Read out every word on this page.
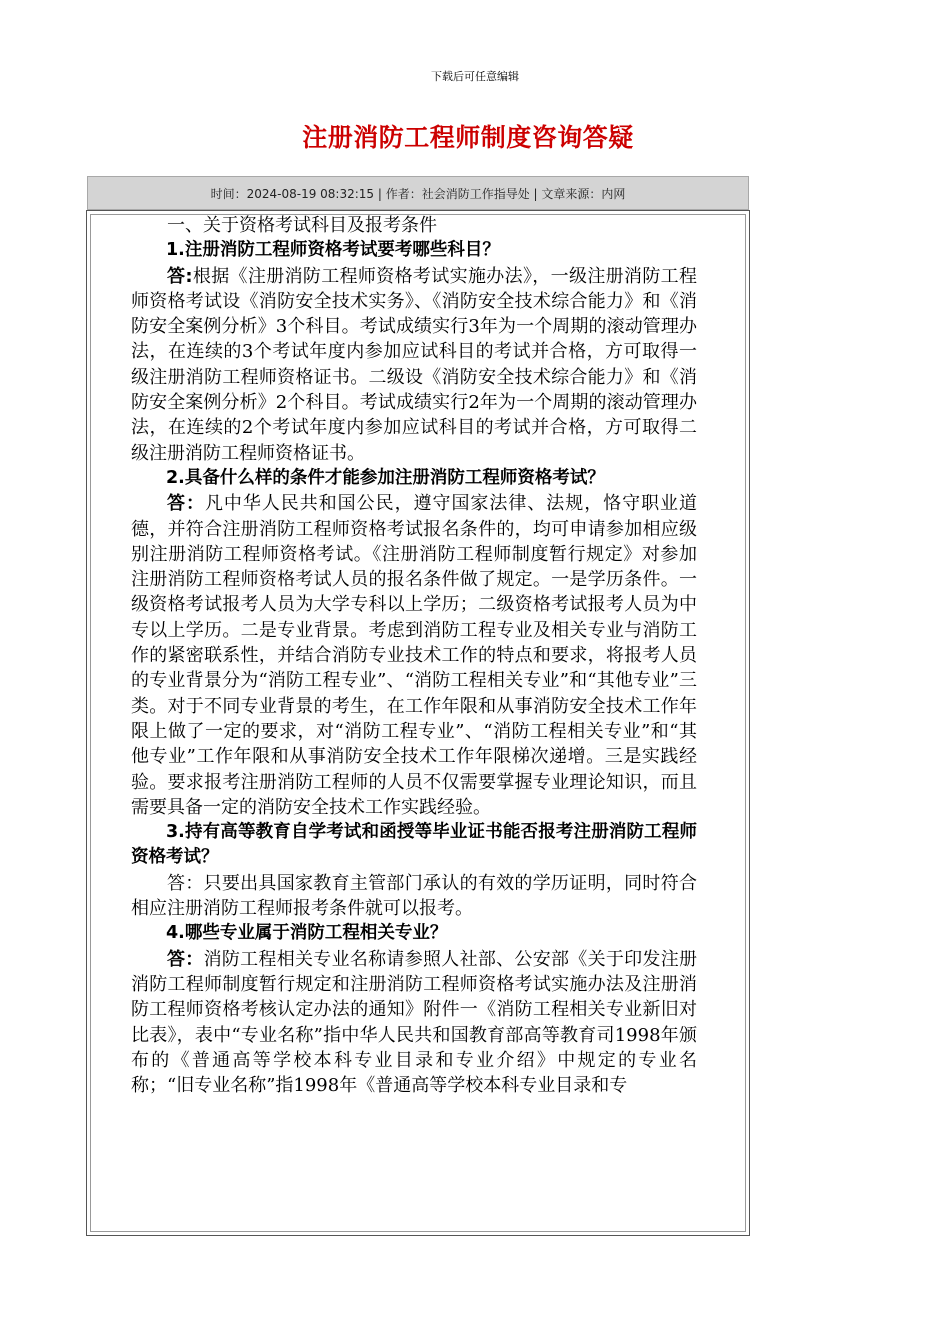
下载后可任意编辑
注册消防工程师制度咨询答疑
时间：2024-08-19 08:32:15 | 作者：社会消防工作指导处 | 文章来源：内网

一、关于资格考试科目及报考条件

1.注册消防工程师资格考试要考哪些科目？

答:根据《注册消防工程师资格考试实施办法》，一级注册消防工程师资格考试设《消防安全技术实务》、《消防安全技术综合能力》和《消防安全案例分析》3个科目。考试成绩实行3年为一个周期的滚动管理办法，在连续的3个考试年度内参加应试科目的考试并合格，方可取得一级注册消防工程师资格证书。二级设《消防安全技术综合能力》和《消防安全案例分析》2个科目。考试成绩实行2年为一个周期的滚动管理办法，在连续的2个考试年度内参加应试科目的考试并合格，方可取得二级注册消防工程师资格证书。

2.具备什么样的条件才能参加注册消防工程师资格考试？

答：凡中华人民共和国公民，遵守国家法律、法规，恪守职业道德，并符合注册消防工程师资格考试报名条件的，均可申请参加相应级别注册消防工程师资格考试。《注册消防工程师制度暂行规定》对参加注册消防工程师资格考试人员的报名条件做了规定。一是学历条件。一级资格考试报考人员为大学专科以上学历；二级资格考试报考人员为中专以上学历。二是专业背景。考虑到消防工程专业及相关专业与消防工作的紧密联系性，并结合消防专业技术工作的特点和要求，将报考人员的专业背景分为“消防工程专业”、“消防工程相关专业”和“其他专业”三类。对于不同专业背景的考生，在工作年限和从事消防安全技术工作年限上做了一定的要求，对“消防工程专业”、“消防工程相关专业”和“其他专业”工作年限和从事消防安全技术工作年限梯次递增。三是实践经验。要求报考注册消防工程师的人员不仅需要掌握专业理论知识，而且需要具备一定的消防安全技术工作实践经验。

3.持有高等教育自学考试和函授等毕业证书能否报考注册消防工程师资格考试？

答：只要出具国家教育主管部门承认的有效的学历证明，同时符合相应注册消防工程师报考条件就可以报考。

4.哪些专业属于消防工程相关专业？

答：消防工程相关专业名称请参照人社部、公安部《关于印发注册消防工程师制度暂行规定和注册消防工程师资格考试实施办法及注册消防工程师资格考核认定办法的通知》附件一《消防工程相关专业新旧对比表》，表中“专业名称”指中华人民共和国教育部高等教育司1998年颁布的《普通高等学校本科专业目录和专业介绍》中规定的专业名称；“旧专业名称”指1998年《普通高等学校本科专业目录和专
